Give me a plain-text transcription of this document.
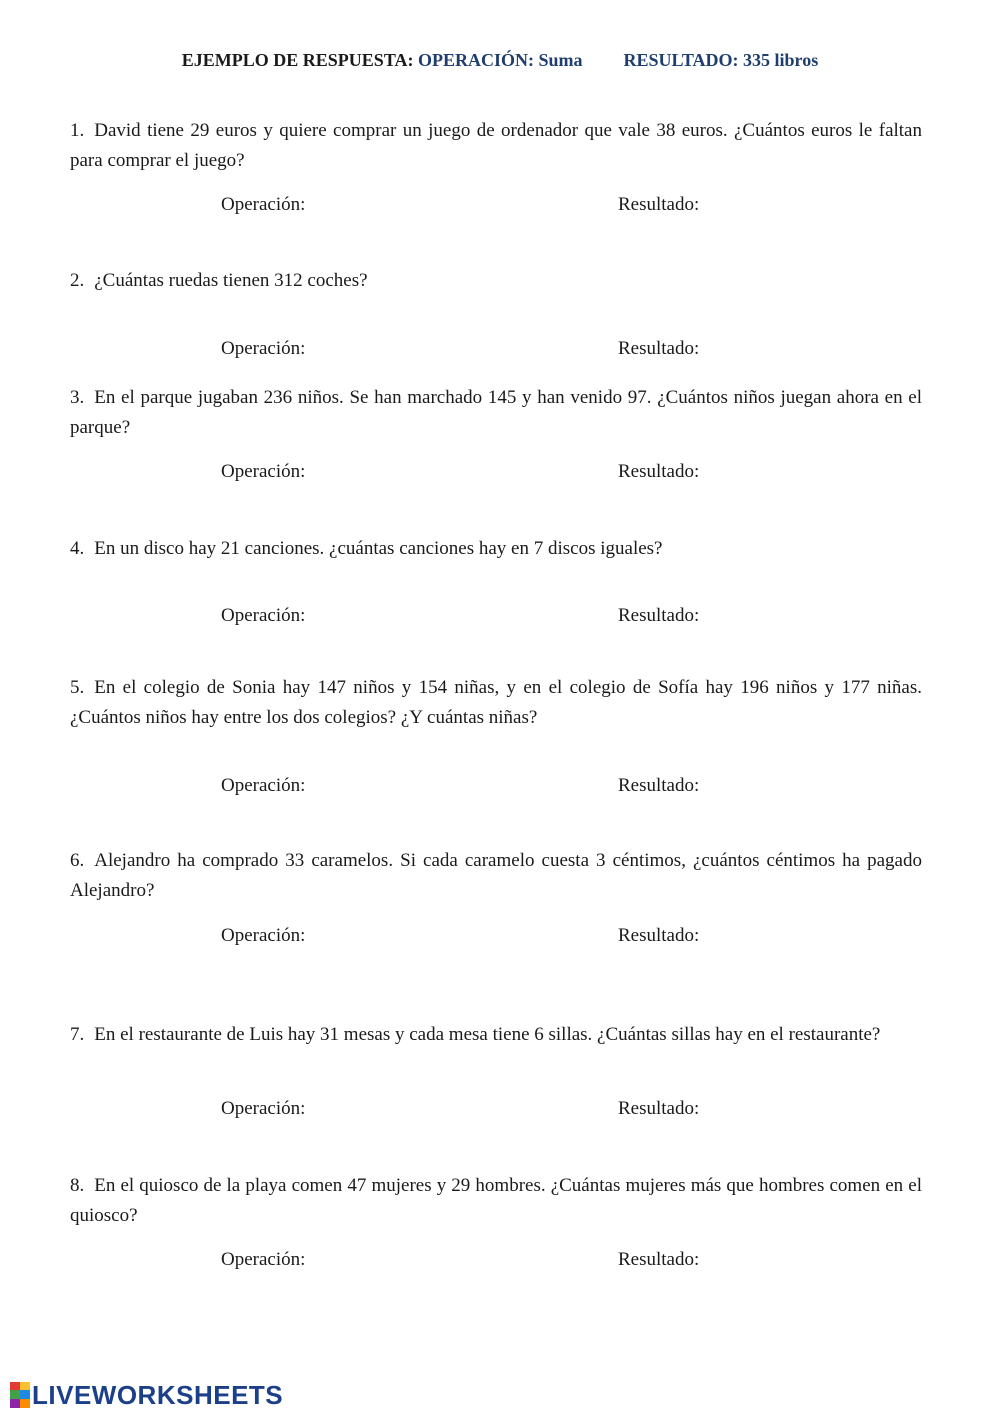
EJEMPLO DE RESPUESTA: OPERACIÓN: Suma RESULTADO: 335 libros
1. David tiene 29 euros y quiere comprar un juego de ordenador que vale 38 euros. ¿Cuántos euros le faltan para comprar el juego?
Operación:	Resultado:
2. ¿Cuántas ruedas tienen 312 coches?
Operación:	Resultado:
3. En el parque jugaban 236 niños. Se han marchado 145 y han venido 97. ¿Cuántos niños juegan ahora en el parque?
Operación:	Resultado:
4. En un disco hay 21 canciones. ¿cuántas canciones hay en 7 discos iguales?
Operación:	Resultado:
5. En el colegio de Sonia hay 147 niños y 154 niñas, y en el colegio de Sofía hay 196 niños y 177 niñas. ¿Cuántos niños hay entre los dos colegios? ¿Y cuántas niñas?
Operación:	Resultado:
6. Alejandro ha comprado 33 caramelos. Si cada caramelo cuesta 3 céntimos, ¿cuántos céntimos ha pagado Alejandro?
Operación:	Resultado:
7. En el restaurante de Luis hay 31 mesas y cada mesa tiene 6 sillas. ¿Cuántas sillas hay en el restaurante?
Operación:	Resultado:
8. En el quiosco de la playa comen 47 mujeres y 29 hombres. ¿Cuántas mujeres más que hombres comen en el quiosco?
Operación:	Resultado:
LIVEWORKSHEETS
